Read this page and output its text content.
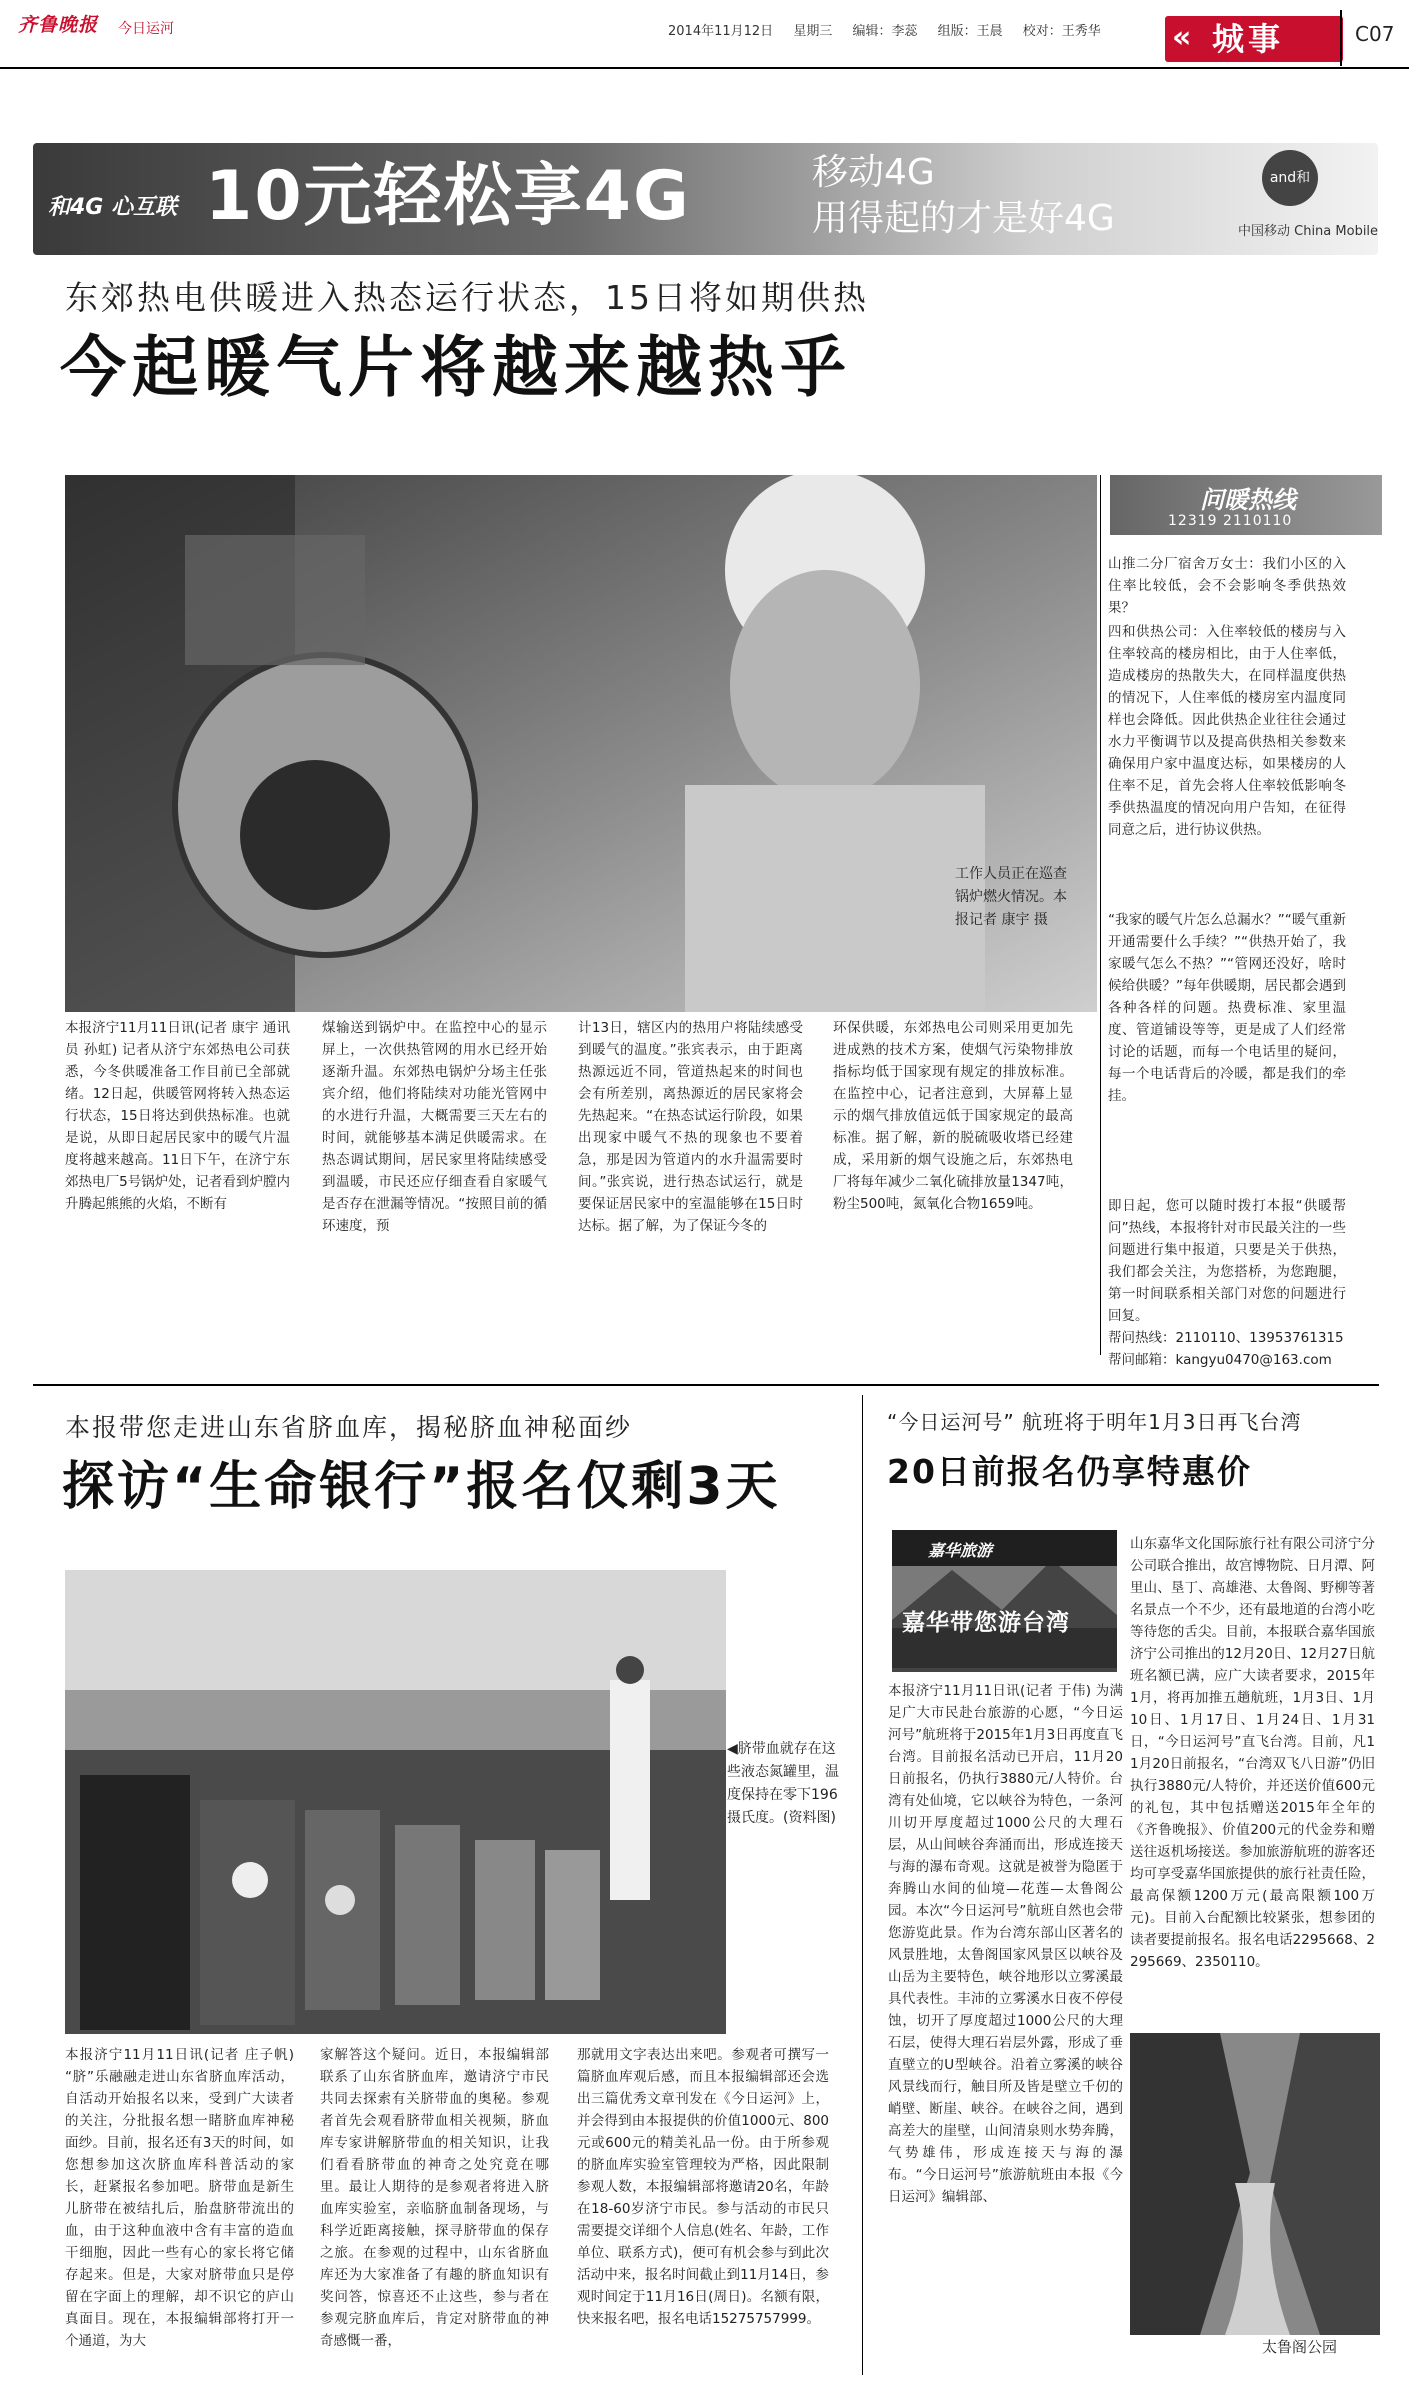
齐鲁晚报 今日运河	2014年11月12日 星期三 编辑：李蕊 组版：王晨 校对：王秀华	« 城事	C07
和4G 心互联 10元轻松享4G	移动4G
用得起的才是好4G
and和
中国移动 China Mobile
东郊热电供暖进入热态运行状态，15日将如期供热
今起暖气片将越来越热乎
工作人员正在巡查锅炉燃火情况。本报记者 康宇 摄
本报济宁11月11日讯(记者 康宇 通讯员 孙虹) 记者从济宁东郊热电公司获悉，今冬供暖准备工作目前已全部就绪。12日起，供暖管网将转入热态运行状态，15日将达到供热标准。也就是说，从即日起居民家中的暖气片温度将越来越高。11日下午，在济宁东郊热电厂5号锅炉处，记者看到炉膛内升腾起熊熊的火焰，不断有
煤输送到锅炉中。在监控中心的显示屏上，一次供热管网的用水已经开始逐渐升温。东郊热电锅炉分场主任张宾介绍，他们将陆续对功能光管网中的水进行升温，大概需要三天左右的时间，就能够基本满足供暖需求。在热态调试期间，居民家里将陆续感受到温暖，市民还应仔细查看自家暖气是否存在泄漏等情况。“按照目前的循环速度，预
计13日，辖区内的热用户将陆续感受到暖气的温度。”张宾表示，由于距离热源远近不同，管道热起来的时间也会有所差别，离热源近的居民家将会先热起来。“在热态试运行阶段，如果出现家中暖气不热的现象也不要着急，那是因为管道内的水升温需要时间。”张宾说，进行热态试运行，就是要保证居民家中的室温能够在15日时达标。据了解，为了保证今冬的
环保供暖，东郊热电公司则采用更加先进成熟的技术方案，使烟气污染物排放指标均低于国家现有规定的排放标准。在监控中心，记者注意到，大屏幕上显示的烟气排放值远低于国家规定的最高标准。据了解，新的脱硫吸收塔已经建成，采用新的烟气设施之后，东郊热电厂将每年减少二氧化硫排放量1347吨，粉尘500吨，氮氧化合物1659吨。
问暖热线
12319 2110110
山推二分厂宿舍万女士：我们小区的入住率比较低，会不会影响冬季供热效果？
四和供热公司：入住率较低的楼房与入住率较高的楼房相比，由于人住率低，造成楼房的热散失大，在同样温度供热的情况下，人住率低的楼房室内温度同样也会降低。因此供热企业往往会通过水力平衡调节以及提高供热相关参数来确保用户家中温度达标，如果楼房的人住率不足，首先会将人住率较低影响冬季供热温度的情况向用户告知，在征得同意之后，进行协议供热。
“我家的暖气片怎么总漏水？”“暖气重新开通需要什么手续？”“供热开始了，我家暖气怎么不热？”“管网还没好，啥时候给供暖？”每年供暖期，居民都会遇到各种各样的问题。热费标准、家里温度、管道铺设等等，更是成了人们经常讨论的话题，而每一个电话里的疑问，每一个电话背后的冷暖，都是我们的牵挂。
即日起，您可以随时拨打本报“供暖帮问”热线，本报将针对市民最关注的一些问题进行集中报道，只要是关于供热，我们都会关注，为您搭桥，为您跑腿，第一时间联系相关部门对您的问题进行回复。
帮问热线：2110110、13953761315
帮问邮箱：kangyu0470@163.com
本报带您走进山东省脐血库，揭秘脐血神秘面纱
探访“生命银行”报名仅剩3天
◀脐带血就存在这些液态氮罐里，温度保持在零下196摄氏度。(资料图)
本报济宁11月11日讯(记者 庄子帆) “脐”乐融融走进山东省脐血库活动，自活动开始报名以来，受到广大读者的关注，分批报名想一睹脐血库神秘面纱。目前，报名还有3天的时间，如您想参加这次脐血库科普活动的家长，赶紧报名参加吧。脐带血是新生儿脐带在被结扎后，胎盘脐带流出的血，由于这种血液中含有丰富的造血干细胞，因此一些有心的家长将它储存起来。但是，大家对脐带血只是停留在字面上的理解，却不识它的庐山真面目。现在，本报编辑部将打开一个通道，为大
家解答这个疑问。近日，本报编辑部联系了山东省脐血库，邀请济宁市民共同去探索有关脐带血的奥秘。参观者首先会观看脐带血相关视频，脐血库专家讲解脐带血的相关知识，让我们看看脐带血的神奇之处究竟在哪里。最让人期待的是参观者将进入脐血库实验室，亲临脐血制备现场，与科学近距离接触，探寻脐带血的保存之旅。在参观的过程中，山东省脐血库还为大家准备了有趣的脐血知识有奖问答，惊喜还不止这些，参与者在参观完脐血库后，肯定对脐带血的神奇感慨一番，
那就用文字表达出来吧。参观者可撰写一篇脐血库观后感，而且本报编辑部还会选出三篇优秀文章刊发在《今日运河》上，并会得到由本报提供的价值1000元、800元或600元的精美礼品一份。由于所参观的脐血库实验室管理较为严格，因此限制参观人数，本报编辑部将邀请20名，年龄在18-60岁济宁市民。参与活动的市民只需要提交详细个人信息(姓名、年龄，工作单位、联系方式)，便可有机会参与到此次活动中来，报名时间截止到11月14日，参观时间定于11月16日(周日)。名额有限，快来报名吧，报名电话15275757999。
“今日运河号” 航班将于明年1月3日再飞台湾
20日前报名仍享特惠价
嘉华旅游
嘉华带您游台湾
本报济宁11月11日讯(记者 于伟) 为满足广大市民赴台旅游的心愿，“今日运河号”航班将于2015年1月3日再度直飞台湾。目前报名活动已开启，11月20日前报名，仍执行3880元/人特价。台湾有处仙境，它以峡谷为特色，一条河川切开厚度超过1000公尺的大理石层，从山间峡谷奔涌而出，形成连接天与海的瀑布奇观。这就是被誉为隐匿于奔腾山水间的仙境—花莲—太鲁阁公园。本次“今日运河号”航班自然也会带您游览此景。作为台湾东部山区著名的风景胜地，太鲁阁国家风景区以峡谷及山岳为主要特色，峡谷地形以立雾溪最具代表性。丰沛的立雾溪水日夜不停侵蚀，切开了厚度超过1000公尺的大理石层，使得大理石岩层外露，形成了垂直壁立的U型峡谷。沿着立雾溪的峡谷风景线而行，触目所及皆是壁立千仞的峭壁、断崖、峡谷。在峡谷之间，遇到高差大的崖壁，山间清泉则水势奔腾，气势雄伟，形成连接天与海的瀑布。“今日运河号”旅游航班由本报《今日运河》编辑部、
山东嘉华文化国际旅行社有限公司济宁分公司联合推出，故宫博物院、日月潭、阿里山、垦丁、高雄港、太鲁阁、野柳等著名景点一个不少，还有最地道的台湾小吃等待您的舌尖。目前，本报联合嘉华国旅济宁公司推出的12月20日、12月27日航班名额已满，应广大读者要求，2015年1月，将再加推五趟航班，1月3日、1月10日、1月17日、1月24日、1月31日，“今日运河号”直飞台湾。目前，凡11月20日前报名，“台湾双飞八日游”仍旧执行3880元/人特价，并还送价值600元的礼包，其中包括赠送2015年全年的《齐鲁晚报》、价值200元的代金券和赠送往返机场接送。参加旅游航班的游客还均可享受嘉华国旅提供的旅行社责任险，最高保额1200万元(最高限额100万元)。目前入台配额比较紧张，想参团的读者要提前报名。报名电话2295668、2295669、2350110。
太鲁阁公园
